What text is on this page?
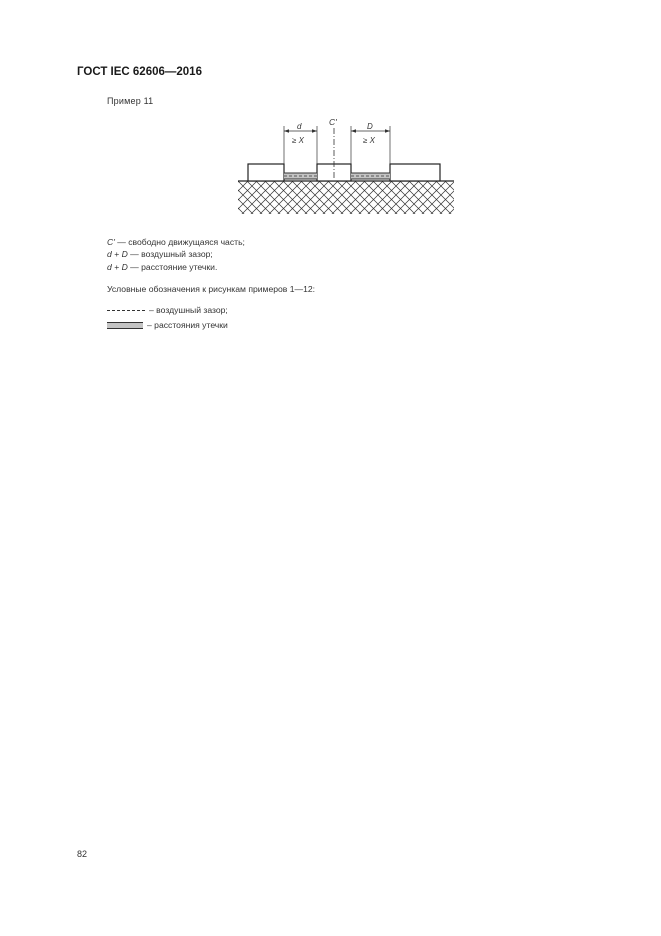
ГОСТ IEC 62606—2016
Пример 11
C'
d
≥ X
D
≥ X
C' — свободно движущаяся часть;
d + D — воздушный зазор;
d + D — расстояние утечки.
Условные обозначения к рисункам примеров 1—12:
– воздушный зазор;
– расстояния утечки
82
